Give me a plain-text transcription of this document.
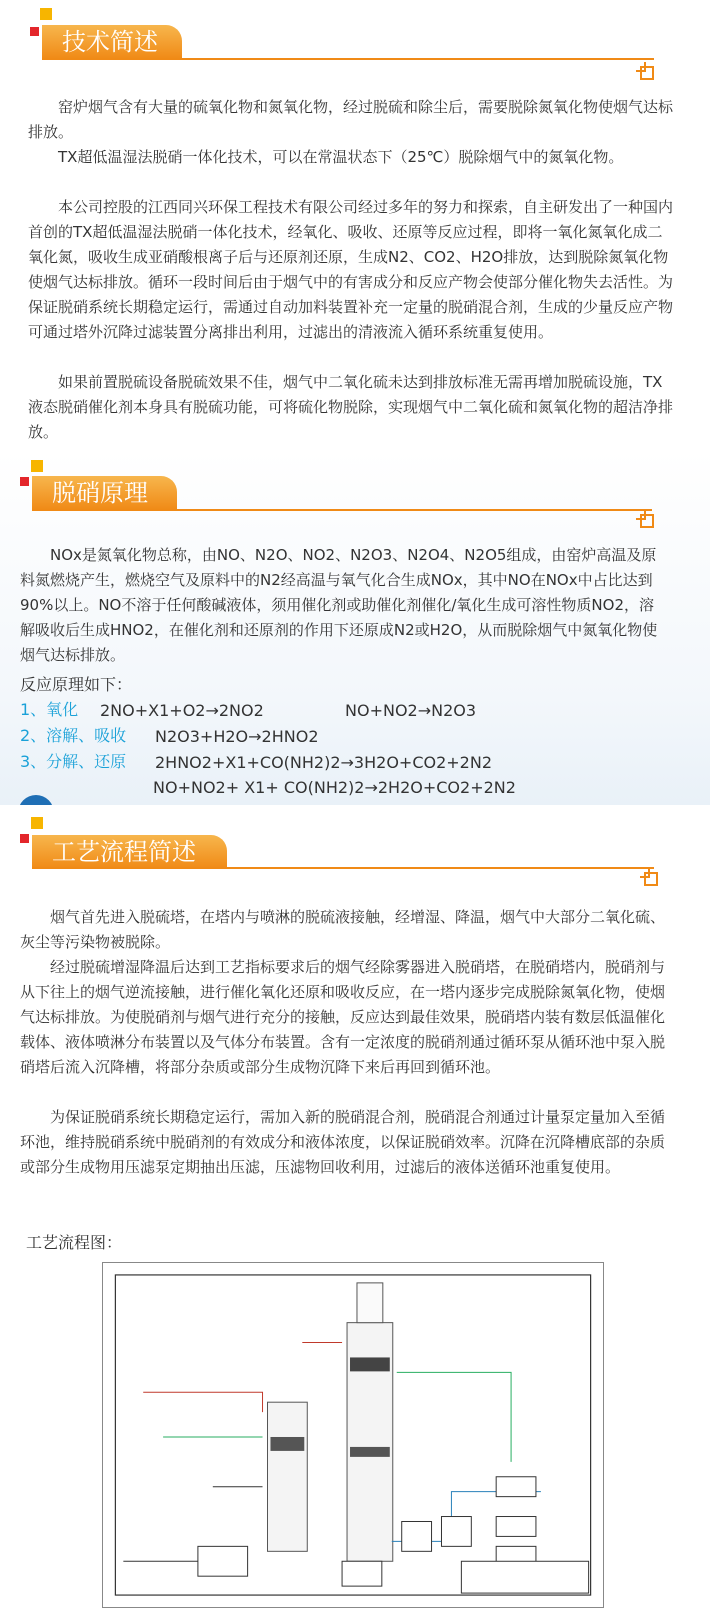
技术简述

窑炉烟气含有大量的硫氧化物和氮氧化物，经过脱硫和除尘后，需要脱除氮氧化物使烟气达标排放。

TX超低温湿法脱硝一体化技术，可以在常温状态下（25℃）脱除烟气中的氮氧化物。

本公司控股的江西同兴环保工程技术有限公司经过多年的努力和探索，自主研发出了一种国内首创的TX超低温湿法脱硝一体化技术，经氧化、吸收、还原等反应过程，即将一氧化氮氧化成二氧化氮，吸收生成亚硝酸根离子后与还原剂还原，生成N2、CO2、H2O排放，达到脱除氮氧化物使烟气达标排放。循环一段时间后由于烟气中的有害成分和反应产物会使部分催化物失去活性。为保证脱硝系统长期稳定运行，需通过自动加料装置补充一定量的脱硝混合剂，生成的少量反应产物可通过塔外沉降过滤装置分离排出利用，过滤出的清液流入循环系统重复使用。

如果前置脱硫设备脱硫效果不佳，烟气中二氧化硫未达到排放标准无需再增加脱硫设施，TX液态脱硝催化剂本身具有脱硫功能，可将硫化物脱除，实现烟气中二氧化硫和氮氧化物的超洁净排放。

脱硝原理

NOx是氮氧化物总称，由NO、N2O、NO2、N2O3、N2O4、N2O5组成，由窑炉高温及原料氮燃烧产生，燃烧空气及原料中的N2经高温与氧气化合生成NOx，其中NO在NOx中占比达到90%以上。NO不溶于任何酸碱液体，须用催化剂或助催化剂催化/氧化生成可溶性物质NO2，溶解吸收后生成HNO2，在催化剂和还原剂的作用下还原成N2或H2O，从而脱除烟气中氮氧化物使烟气达标排放。

反应原理如下：
1、氧化 2NO+X1+O2→2NO2	NO+NO2→N2O3
2、溶解、吸收 N2O3+H2O→2HNO2
3、分解、还原 2HNO2+X1+CO(NH2)2→3H2O+CO2+2N2
NO+NO2+ X1+ CO(NH2)2→2H2O+CO2+2N2
工艺流程简述

烟气首先进入脱硫塔，在塔内与喷淋的脱硫液接触，经增湿、降温，烟气中大部分二氧化硫、灰尘等污染物被脱除。

经过脱硫增湿降温后达到工艺指标要求后的烟气经除雾器进入脱硝塔，在脱硝塔内，脱硝剂与从下往上的烟气逆流接触，进行催化氧化还原和吸收反应，在一塔内逐步完成脱除氮氧化物，使烟气达标排放。为使脱硝剂与烟气进行充分的接触，反应达到最佳效果，脱硝塔内装有数层低温催化载体、液体喷淋分布装置以及气体分布装置。含有一定浓度的脱硝剂通过循环泵从循环池中泵入脱硝塔后流入沉降槽，将部分杂质或部分生成物沉降下来后再回到循环池。

为保证脱硝系统长期稳定运行，需加入新的脱硝混合剂，脱硝混合剂通过计量泵定量加入至循环池，维持脱硝系统中脱硝剂的有效成分和液体浓度，以保证脱硝效率。沉降在沉降槽底部的杂质或部分生成物用压滤泵定期抽出压滤，压滤物回收利用，过滤后的液体送循环池重复使用。

工艺流程图：
